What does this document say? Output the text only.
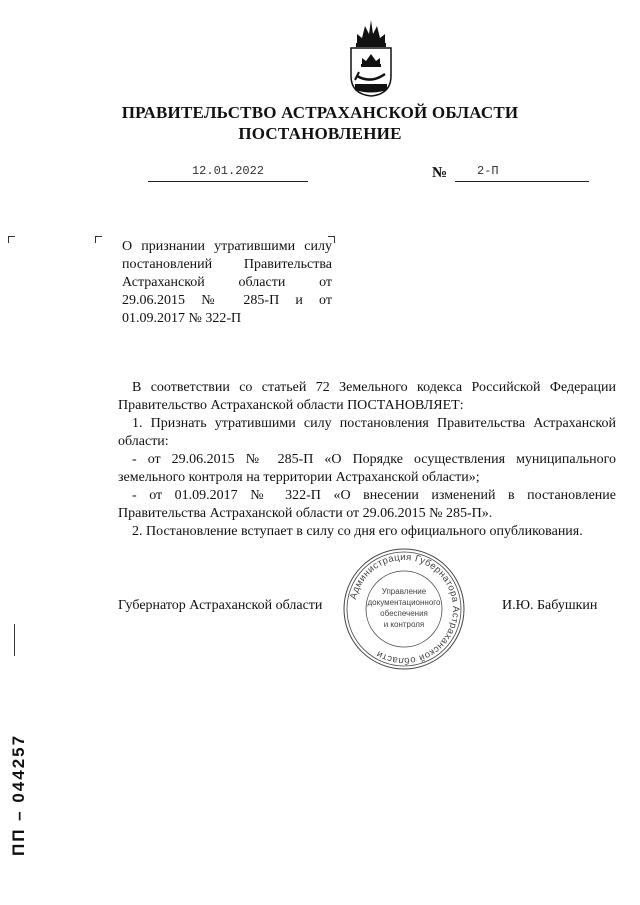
ПРАВИТЕЛЬСТВО АСТРАХАНСКОЙ ОБЛАСТИ
ПОСТАНОВЛЕНИЕ
12.01.2022	№ 2-П
О признании утратившими силу постановлений Правительства Астраханской области от 29.06.2015 № 285-П и от 01.09.2017 № 322-П

В соответствии со статьей 72 Земельного кодекса Российской Федерации Правительство Астраханской области ПОСТАНОВЛЯЕТ:

1. Признать утратившими силу постановления Правительства Астраханской области:

- от 29.06.2015 № 285-П «О Порядке осуществления муниципального земельного контроля на территории Астраханской области»;

- от 01.09.2017 № 322-П «О внесении изменений в постановление Правительства Астраханской области от 29.06.2015 № 285-П».

2. Постановление вступает в силу со дня его официального опубликования.

Губернатор Астраханской области	И.Ю. Бабушкин
Администрация Губернатора Астраханской области
Управление
документационного
обеспечения
и контроля
ПП – 044257
